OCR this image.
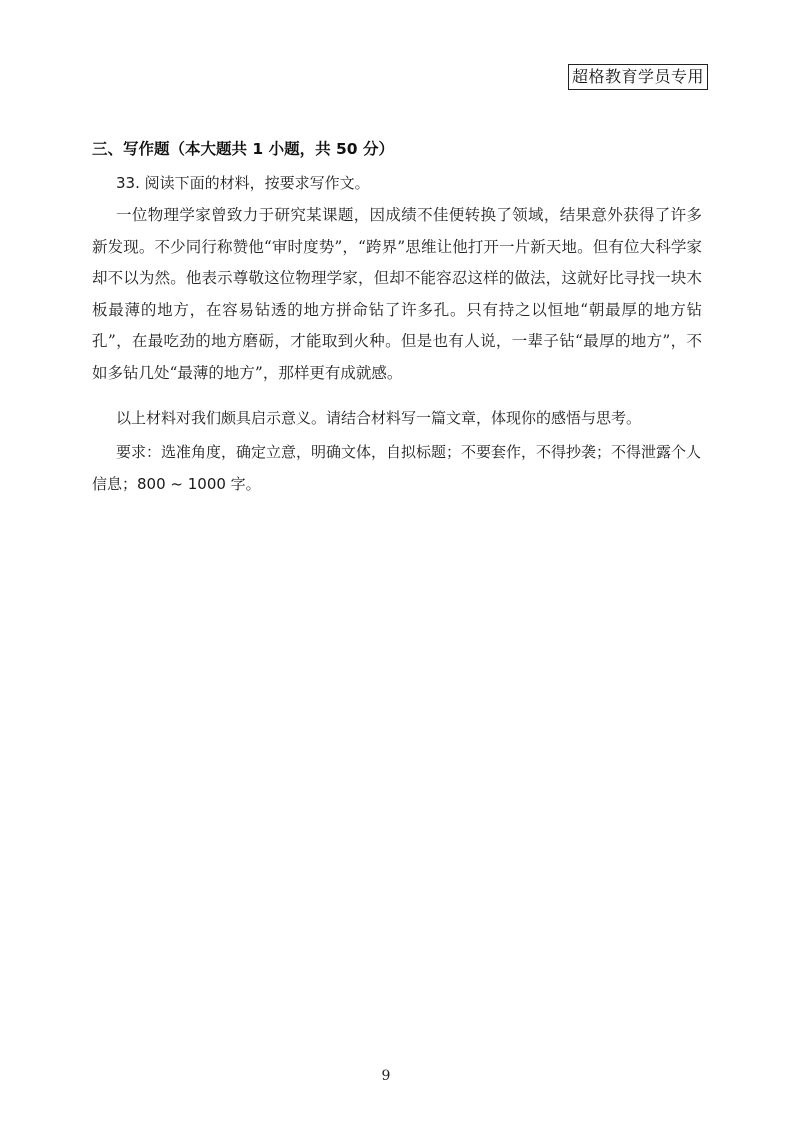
超格教育学员专用
三、写作题（本大题共 1 小题，共 50 分）
33. 阅读下面的材料，按要求写作文。

一位物理学家曾致力于研究某课题，因成绩不佳便转换了领域，结果意外获得了许多新发现。不少同行称赞他“审时度势”，“跨界”思维让他打开一片新天地。但有位大科学家却不以为然。他表示尊敬这位物理学家，但却不能容忍这样的做法，这就好比寻找一块木板最薄的地方，在容易钻透的地方拼命钻了许多孔。只有持之以恒地“朝最厚的地方钻孔”，在最吃劲的地方磨砺，才能取到火种。但是也有人说，一辈子钻“最厚的地方”，不如多钻几处“最薄的地方”，那样更有成就感。

以上材料对我们颇具启示意义。请结合材料写一篇文章，体现你的感悟与思考。

要求：选准角度，确定立意，明确文体，自拟标题；不要套作，不得抄袭；不得泄露个人信息；800 ~ 1000 字。

9
